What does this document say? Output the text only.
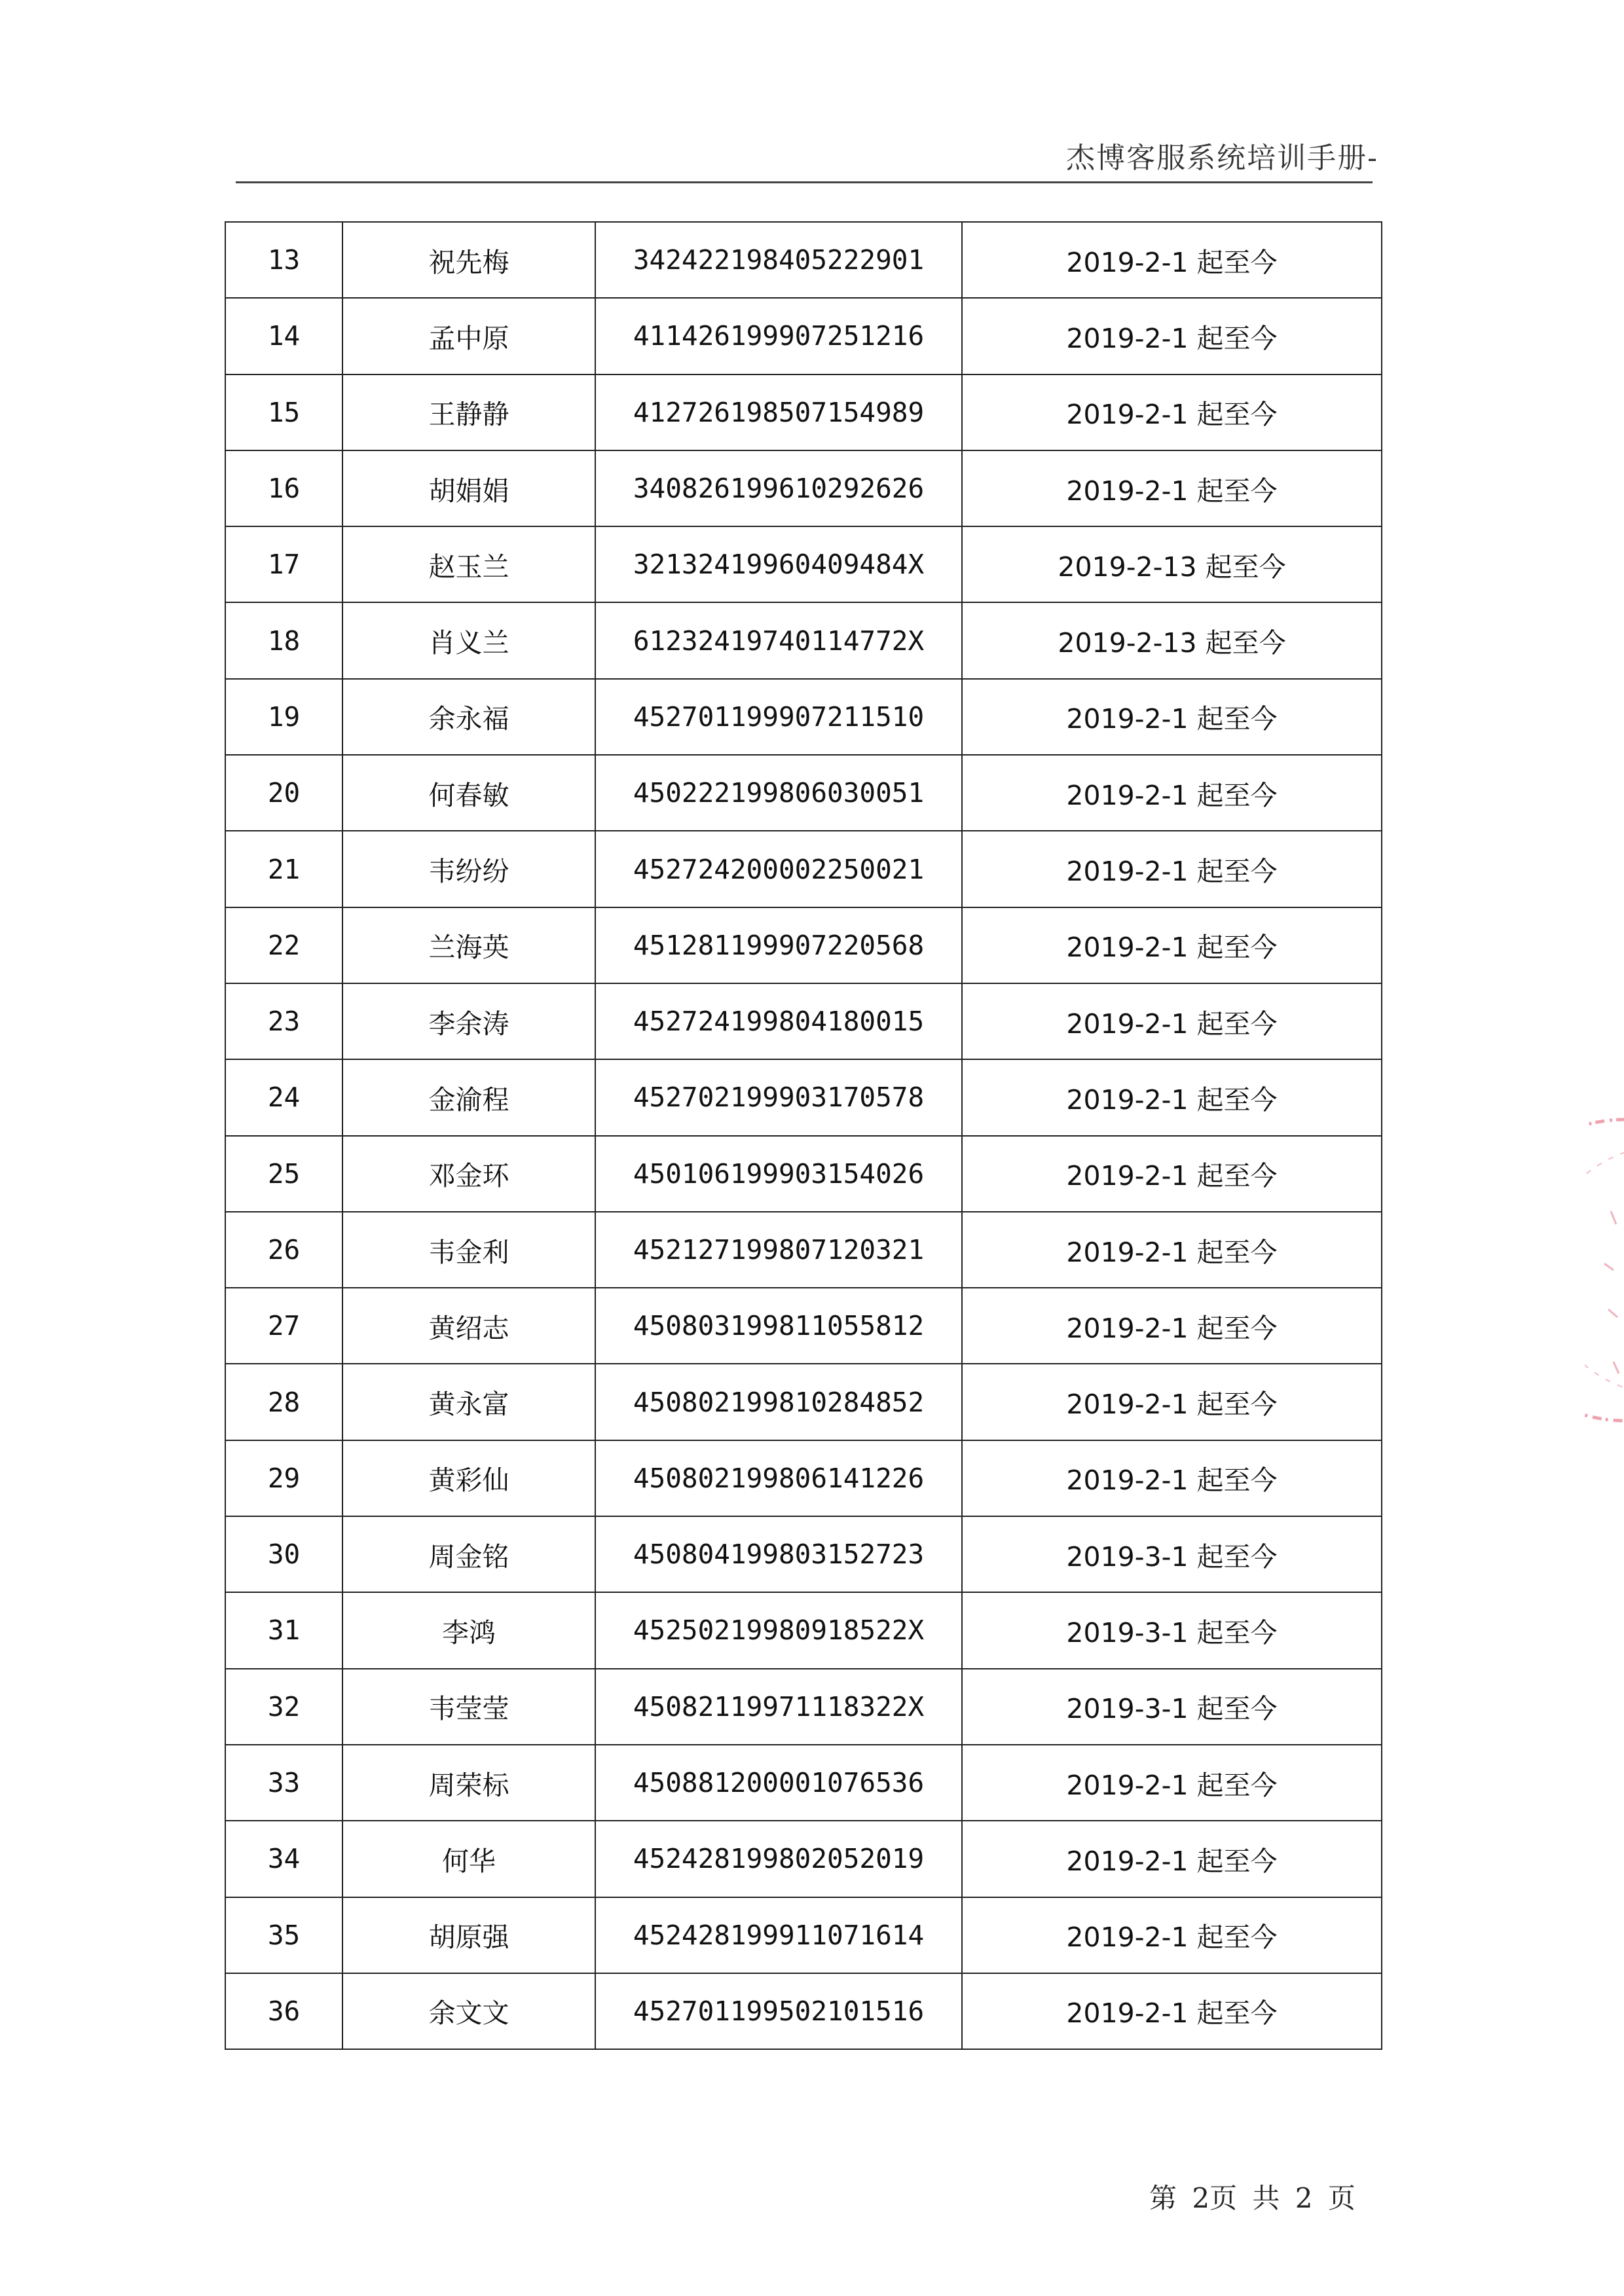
杰博客服系统培训手册-
13	祝先梅	342422198405222901	2019-2-1 起至今
14	孟中原	411426199907251216	2019-2-1 起至今
15	王静静	412726198507154989	2019-2-1 起至今
16	胡娟娟	340826199610292626	2019-2-1 起至今
17	赵玉兰	32132419960409484X	2019-2-13 起至今
18	肖义兰	61232419740114772X	2019-2-13 起至今
19	余永福	452701199907211510	2019-2-1 起至今
20	何春敏	450222199806030051	2019-2-1 起至今
21	韦纷纷	452724200002250021	2019-2-1 起至今
22	兰海英	451281199907220568	2019-2-1 起至今
23	李余涛	452724199804180015	2019-2-1 起至今
24	金渝程	452702199903170578	2019-2-1 起至今
25	邓金环	450106199903154026	2019-2-1 起至今
26	韦金利	452127199807120321	2019-2-1 起至今
27	黄绍志	450803199811055812	2019-2-1 起至今
28	黄永富	450802199810284852	2019-2-1 起至今
29	黄彩仙	450802199806141226	2019-2-1 起至今
30	周金铭	450804199803152723	2019-3-1 起至今
31	李鸿	45250219980918522X	2019-3-1 起至今
32	韦莹莹	45082119971118322X	2019-3-1 起至今
33	周荣标	450881200001076536	2019-2-1 起至今
34	何华	452428199802052019	2019-2-1 起至今
35	胡原强	452428199911071614	2019-2-1 起至今
36	余文文	452701199502101516	2019-2-1 起至今
第 2页 共 2 页
